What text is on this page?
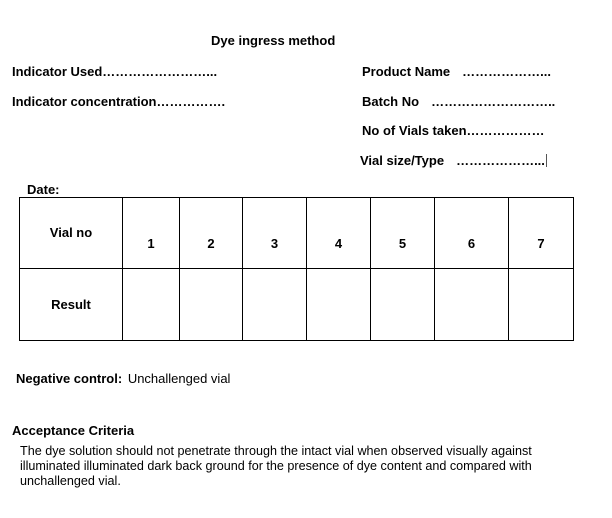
Dye ingress method
Indicator Used……………………...
Indicator concentration…………….
Product Name ………………...
Batch No ………………………..
No of Vials taken………………
Vial size/Type ………………...
Date:
Vial no	1	2	3	4	5	6	7
Result							
Negative control: Unchallenged vial
Acceptance Criteria
The dye solution should not penetrate through the intact vial when observed visually against illuminated illuminated dark back ground for the presence of dye content and compared with unchallenged vial.
